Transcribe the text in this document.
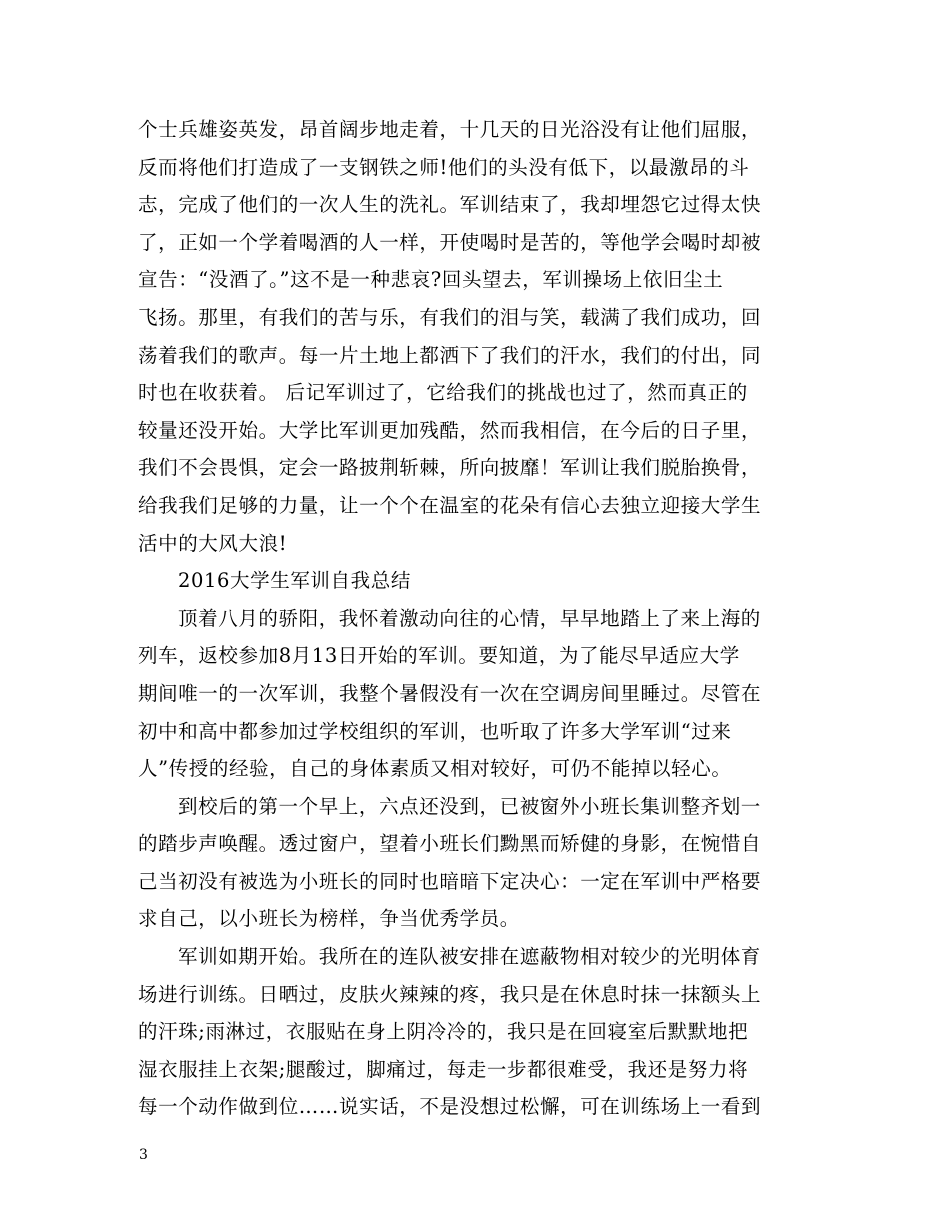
个士兵雄姿英发，昂首阔步地走着，十几天的日光浴没有让他们屈服，
反而将他们打造成了一支钢铁之师!他们的头没有低下，以最激昂的斗
志，完成了他们的一次人生的洗礼。军训结束了，我却埋怨它过得太快
了，正如一个学着喝酒的人一样，开使喝时是苦的，等他学会喝时却被
宣告：“没酒了。”这不是一种悲哀?回头望去，军训操场上依旧尘土
飞扬。那里，有我们的苦与乐，有我们的泪与笑，载满了我们成功，回
荡着我们的歌声。每一片土地上都洒下了我们的汗水，我们的付出，同
时也在收获着。 后记军训过了，它给我们的挑战也过了，然而真正的
较量还没开始。大学比军训更加残酷，然而我相信，在今后的日子里，
我们不会畏惧，定会一路披荆斩棘，所向披靡！军训让我们脱胎换骨，
给我我们足够的力量，让一个个在温室的花朵有信心去独立迎接大学生
活中的大风大浪!
2016大学生军训自我总结
顶着八月的骄阳，我怀着激动向往的心情，早早地踏上了来上海的
列车，返校参加8月13日开始的军训。要知道，为了能尽早适应大学
期间唯一的一次军训，我整个暑假没有一次在空调房间里睡过。尽管在
初中和高中都参加过学校组织的军训，也听取了许多大学军训“过来
人”传授的经验，自己的身体素质又相对较好，可仍不能掉以轻心。
到校后的第一个早上，六点还没到，已被窗外小班长集训整齐划一
的踏步声唤醒。透过窗户，望着小班长们黝黑而矫健的身影，在惋惜自
己当初没有被选为小班长的同时也暗暗下定决心：一定在军训中严格要
求自己，以小班长为榜样，争当优秀学员。
军训如期开始。我所在的连队被安排在遮蔽物相对较少的光明体育
场进行训练。日晒过，皮肤火辣辣的疼，我只是在休息时抹一抹额头上
的汗珠;雨淋过，衣服贴在身上阴冷冷的，我只是在回寝室后默默地把
湿衣服挂上衣架;腿酸过，脚痛过，每走一步都很难受，我还是努力将
每一个动作做到位……说实话，不是没想过松懈，可在训练场上一看到
3
